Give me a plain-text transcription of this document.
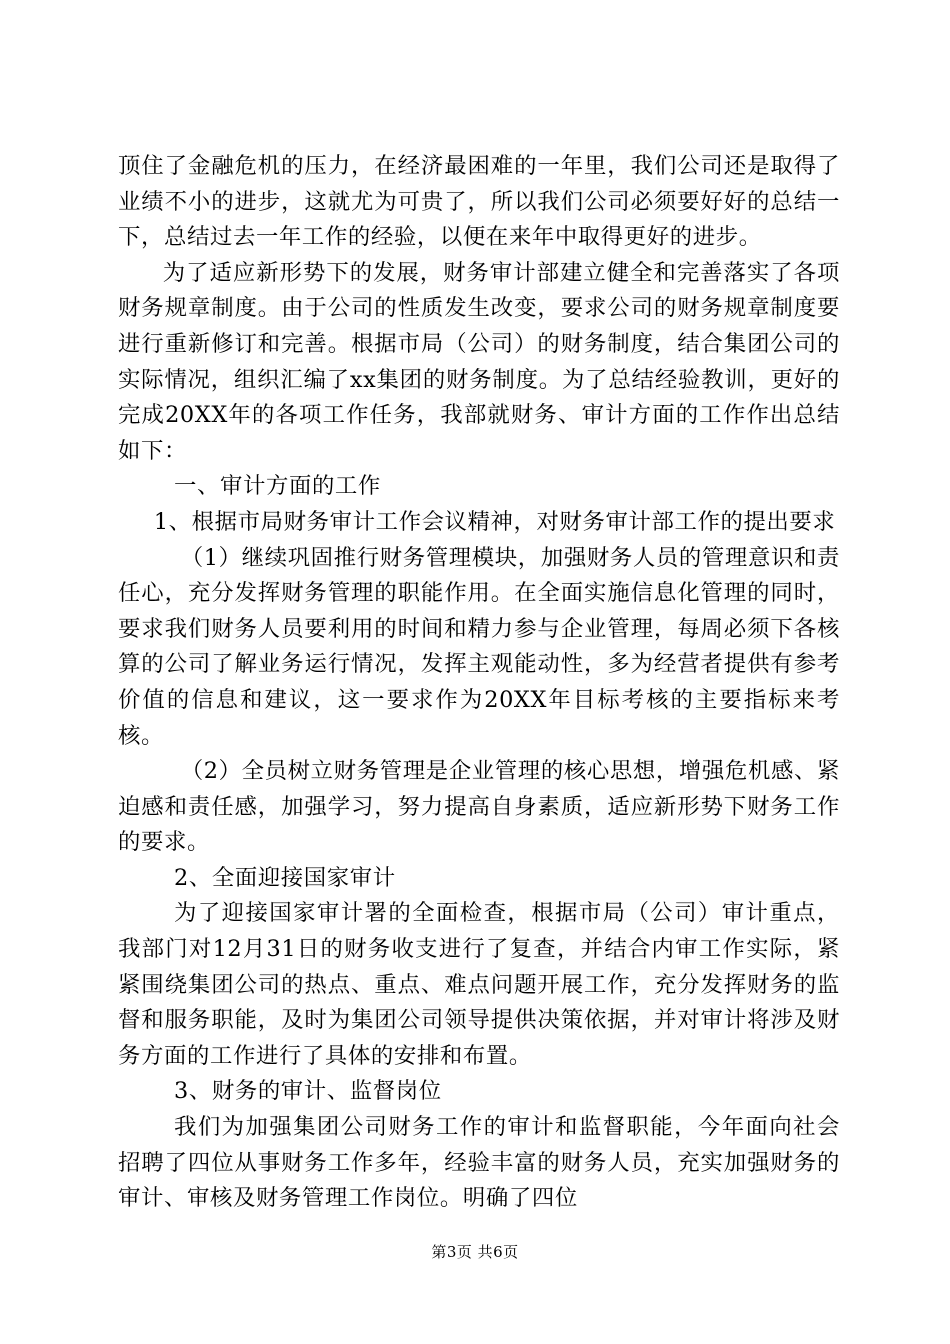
顶住了金融危机的压力，在经济最困难的一年里，我们公司还是取得了业绩不小的进步，这就尤为可贵了，所以我们公司必须要好好的总结一下，总结过去一年工作的经验，以便在来年中取得更好的进步。

为了适应新形势下的发展，财务审计部建立健全和完善落实了各项财务规章制度。由于公司的性质发生改变，要求公司的财务规章制度要进行重新修订和完善。根据市局（公司）的财务制度，结合集团公司的实际情况，组织汇编了xx集团的财务制度。为了总结经验教训，更好的完成20XX年的各项工作任务，我部就财务、审计方面的工作作出总结如下：

一、审计方面的工作

1、根据市局财务审计工作会议精神，对财务审计部工作的提出要求

（1）继续巩固推行财务管理模块，加强财务人员的管理意识和责任心，充分发挥财务管理的职能作用。在全面实施信息化管理的同时，要求我们财务人员要利用的时间和精力参与企业管理，每周必须下各核算的公司了解业务运行情况，发挥主观能动性，多为经营者提供有参考价值的信息和建议，这一要求作为20XX年目标考核的主要指标来考核。

（2）全员树立财务管理是企业管理的核心思想，增强危机感、紧迫感和责任感，加强学习，努力提高自身素质，适应新形势下财务工作的要求。

2、全面迎接国家审计

为了迎接国家审计署的全面检查，根据市局（公司）审计重点，我部门对12月31日的财务收支进行了复查，并结合内审工作实际，紧紧围绕集团公司的热点、重点、难点问题开展工作，充分发挥财务的监督和服务职能，及时为集团公司领导提供决策依据，并对审计将涉及财务方面的工作进行了具体的安排和布置。

3、财务的审计、监督岗位

我们为加强集团公司财务工作的审计和监督职能，今年面向社会招聘了四位从事财务工作多年，经验丰富的财务人员，充实加强财务的审计、审核及财务管理工作岗位。明确了四位

第3页 共6页
